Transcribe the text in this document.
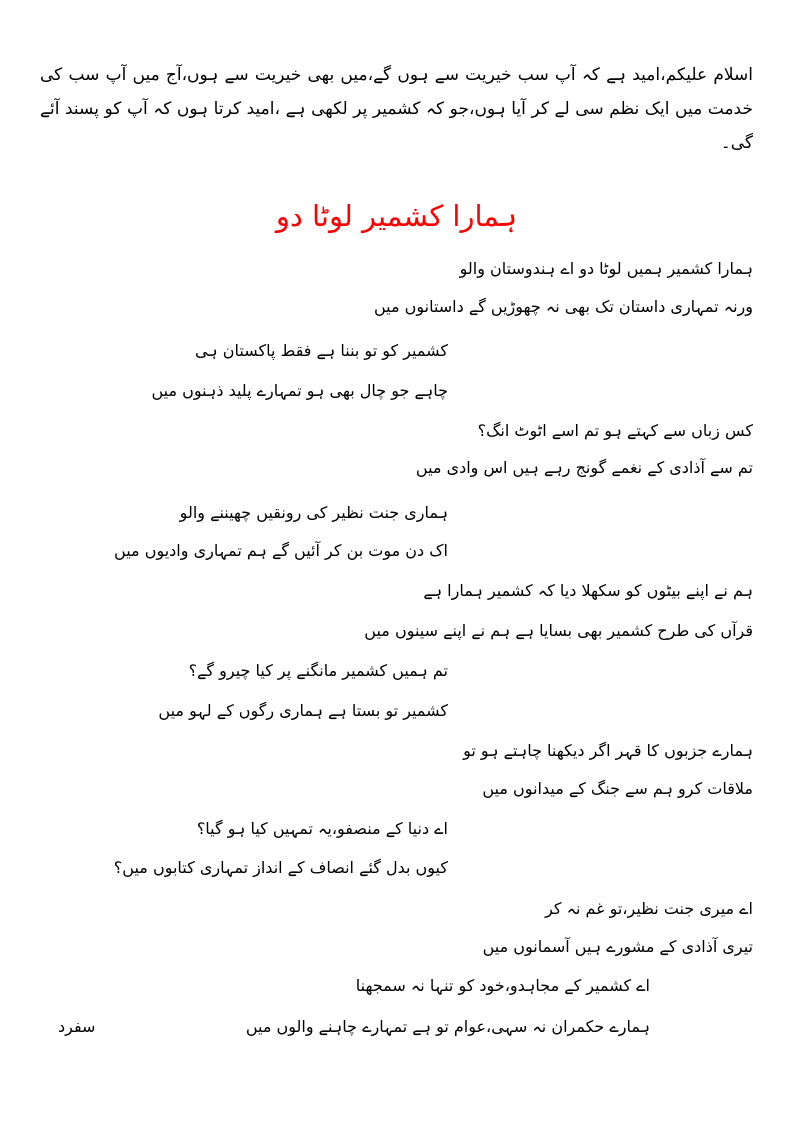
اسلام علیکم،امید ہے کہ آپ سب خیریت سے ہوں گے،میں بھی خیریت سے ہوں،آج میں آپ سب کی خدمت میں ایک نظم سی لے کر آیا ہوں،جو کہ کشمیر پر لکھی ہے ،امید کرتا ہوں کہ آپ کو پسند آئے گی۔
ہمارا کشمیر لوٹا دو
ہمارا کشمیر ہمیں لوٹا دو اے ہندوستان والو
ورنہ تمہاری داستان تک بھی نہ چھوڑیں گے داستانوں میں
کشمیر کو تو بننا ہے فقط پاکستان ہی
چاہے جو چال بھی ہو تمہارے پلید ذہنوں میں
کس زباں سے کہتے ہو تم اسے اٹوٹ انگ؟
تم سے آذادی کے نغمے گونج رہے ہیں اس وادی میں
ہماری جنت نظیر کی رونقیں چھیننے والو
اک دن موت بن کر آئیں گے ہم تمہاری وادیوں میں
ہم نے اپنے بیٹوں کو سکھلا دیا کہ کشمیر ہمارا ہے
قرآں کی طرح کشمیر بھی بسایا ہے ہم نے اپنے سینوں میں
تم ہمیں کشمیر مانگنے پر کیا چیرو گے؟
کشمیر تو بستا ہے ہماری رگوں کے لہو میں
ہمارے جزبوں کا قہر اگر دیکھنا چاہتے ہو تو
ملاقات کرو ہم سے جنگ کے میدانوں میں
اے دنیا کے منصفو،یہ تمہیں کیا ہو گیا؟
کیوں بدل گئے انصاف کے انداز تمہاری کتابوں میں؟
اے میری جنت نظیر،تو غم نہ کر
تیری آذادی کے مشورے ہیں آسمانوں میں
اے کشمیر کے مجاہدو،خود کو تنہا نہ سمجھنا
ہمارے حکمران نہ سہی،عوام تو ہے تمہارے چاہنے والوں میں
سفرد
